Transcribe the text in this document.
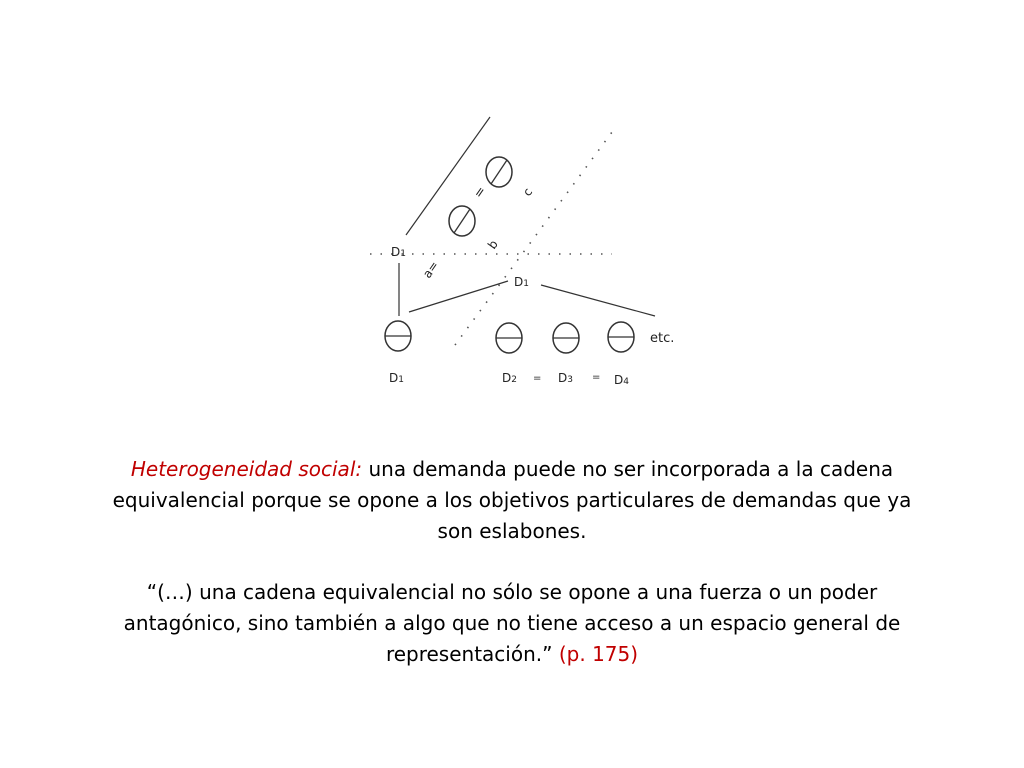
=	c
b
a=
D1
D1
etc.
D1	D2 = D3 = D4

Heterogeneidad social: una demanda puede no ser incorporada a la cadena equivalencial porque se opone a los objetivos particulares de demandas que ya son eslabones.

“(…) una cadena equivalencial no sólo se opone a una fuerza o un poder antagónico, sino también a algo que no tiene acceso a un espacio general de representación.” (p. 175)
